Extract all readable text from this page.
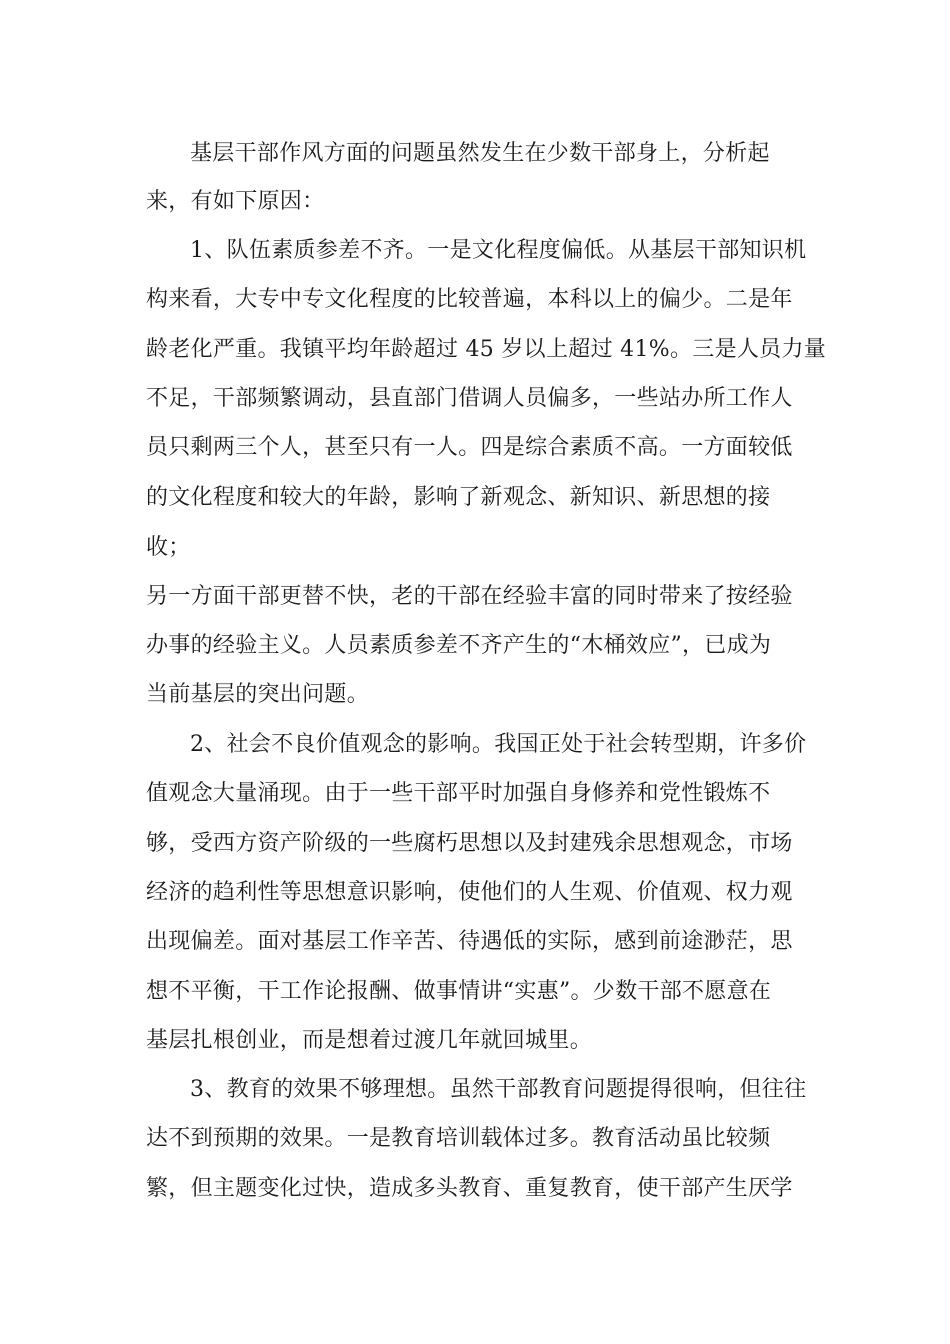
基层干部作风方面的问题虽然发生在少数干部身上，分析起
来，有如下原因：
1、队伍素质参差不齐。一是文化程度偏低。从基层干部知识机
构来看，大专中专文化程度的比较普遍，本科以上的偏少。二是年
龄老化严重。我镇平均年龄超过 45 岁以上超过 41%。三是人员力量
不足，干部频繁调动，县直部门借调人员偏多，一些站办所工作人
员只剩两三个人，甚至只有一人。四是综合素质不高。一方面较低
的文化程度和较大的年龄，影响了新观念、新知识、新思想的接
收；
另一方面干部更替不快，老的干部在经验丰富的同时带来了按经验
办事的经验主义。人员素质参差不齐产生的“木桶效应”，已成为
当前基层的突出问题。
2、社会不良价值观念的影响。我国正处于社会转型期，许多价
值观念大量涌现。由于一些干部平时加强自身修养和党性锻炼不
够，受西方资产阶级的一些腐朽思想以及封建残余思想观念，市场
经济的趋利性等思想意识影响，使他们的人生观、价值观、权力观
出现偏差。面对基层工作辛苦、待遇低的实际，感到前途渺茫，思
想不平衡，干工作论报酬、做事情讲“实惠”。少数干部不愿意在
基层扎根创业，而是想着过渡几年就回城里。
3、教育的效果不够理想。虽然干部教育问题提得很响，但往往
达不到预期的效果。一是教育培训载体过多。教育活动虽比较频
繁，但主题变化过快，造成多头教育、重复教育，使干部产生厌学
